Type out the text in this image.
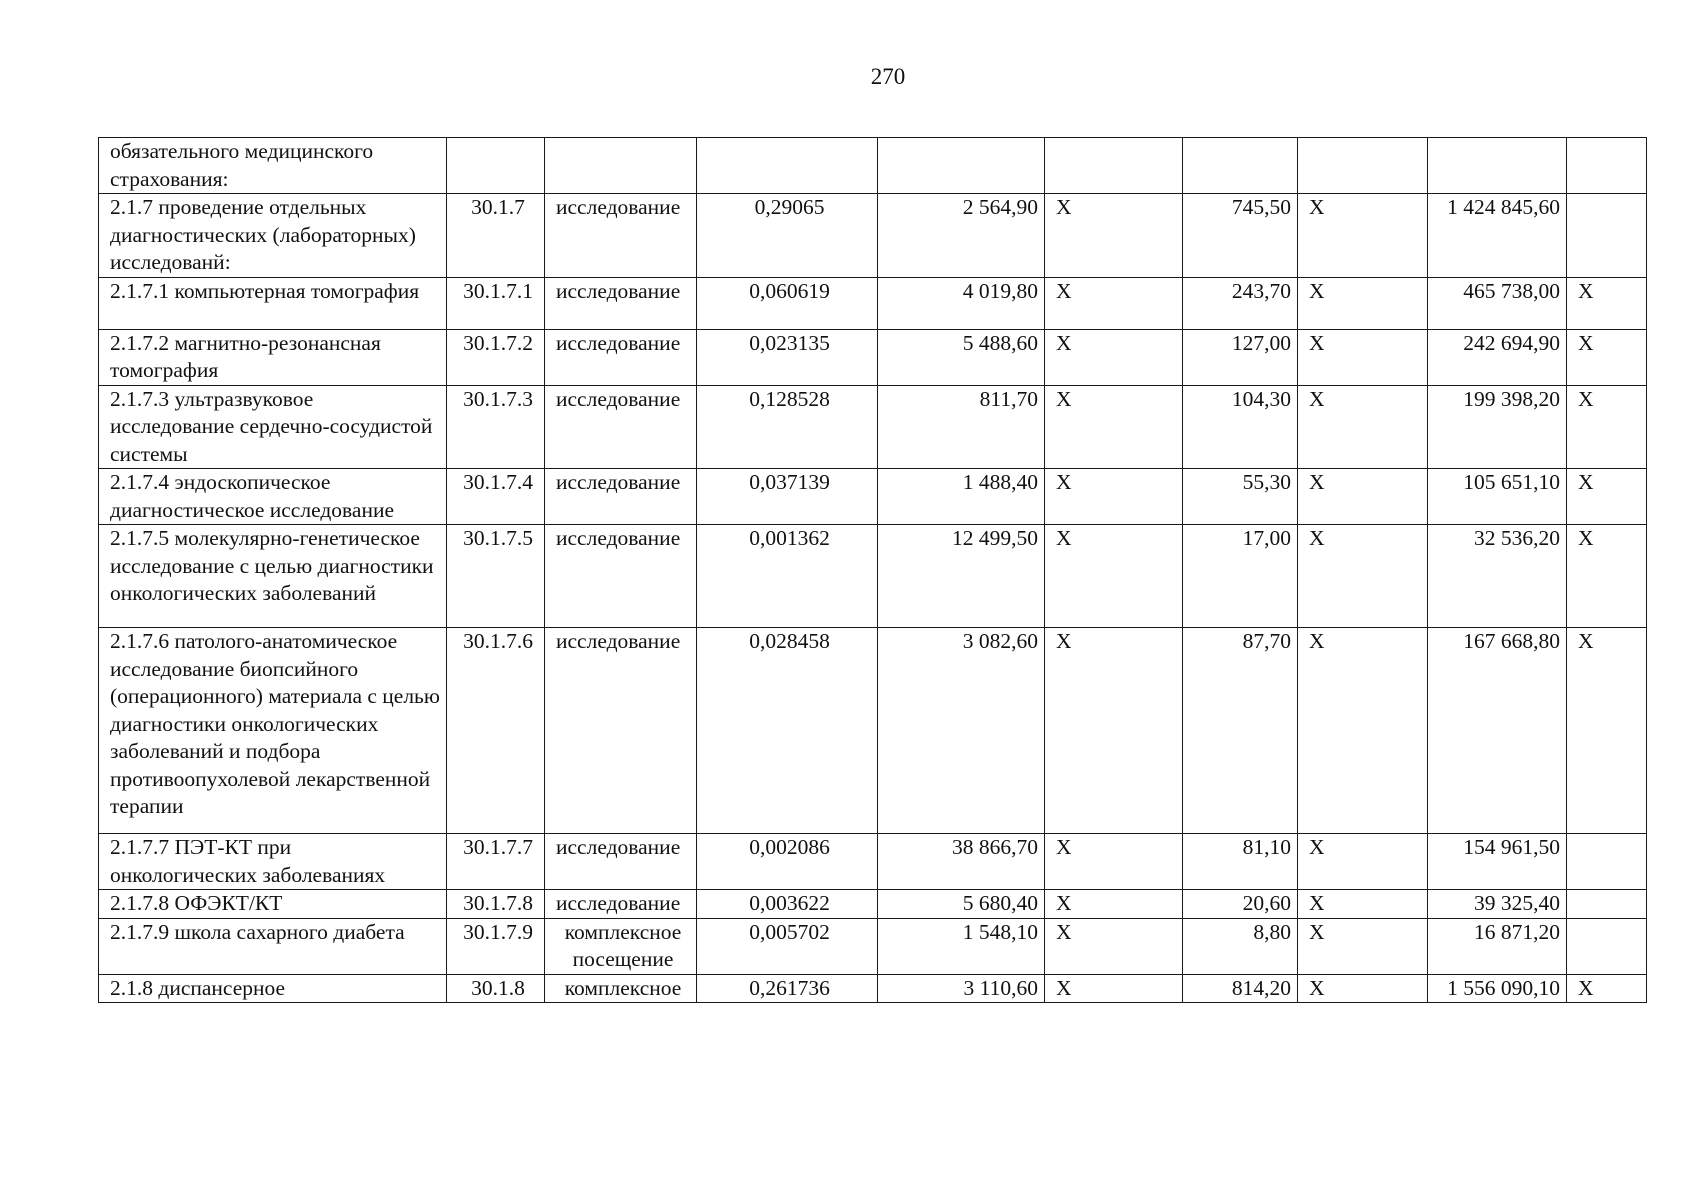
270
обязательного медицинского страхования:									
2.1.7 проведение отдельных диагностических (лабораторных) исследованй:	30.1.7	исследование	0,29065	2 564,90	X	745,50	X	1 424 845,60	
2.1.7.1 компьютерная томография	30.1.7.1	исследование	0,060619	4 019,80	X	243,70	X	465 738,00	X
2.1.7.2 магнитно-резонансная томография	30.1.7.2	исследование	0,023135	5 488,60	X	127,00	X	242 694,90	X
2.1.7.3 ультразвуковое исследование сердечно-сосудистой системы	30.1.7.3	исследование	0,128528	811,70	X	104,30	X	199 398,20	X
2.1.7.4 эндоскопическое диагностическое исследование	30.1.7.4	исследование	0,037139	1 488,40	X	55,30	X	105 651,10	X
2.1.7.5 молекулярно-генетическое исследование с целью диагностики онкологических заболеваний	30.1.7.5	исследование	0,001362	12 499,50	X	17,00	X	32 536,20	X
2.1.7.6 патолого-анатомическое исследование биопсийного (операционного) материала с целью диагностики онкологических заболеваний и подбора противоопухолевой лекарственной терапии	30.1.7.6	исследование	0,028458	3 082,60	X	87,70	X	167 668,80	X
2.1.7.7 ПЭТ-КТ при онкологических заболеваниях	30.1.7.7	исследование	0,002086	38 866,70	X	81,10	X	154 961,50	
2.1.7.8 ОФЭКТ/КТ	30.1.7.8	исследование	0,003622	5 680,40	X	20,60	X	39 325,40	
2.1.7.9 школа сахарного диабета	30.1.7.9	комплексное посещение	0,005702	1 548,10	X	8,80	X	16 871,20	
2.1.8 диспансерное	30.1.8	комплексное	0,261736	3 110,60	X	814,20	X	1 556 090,10	X
